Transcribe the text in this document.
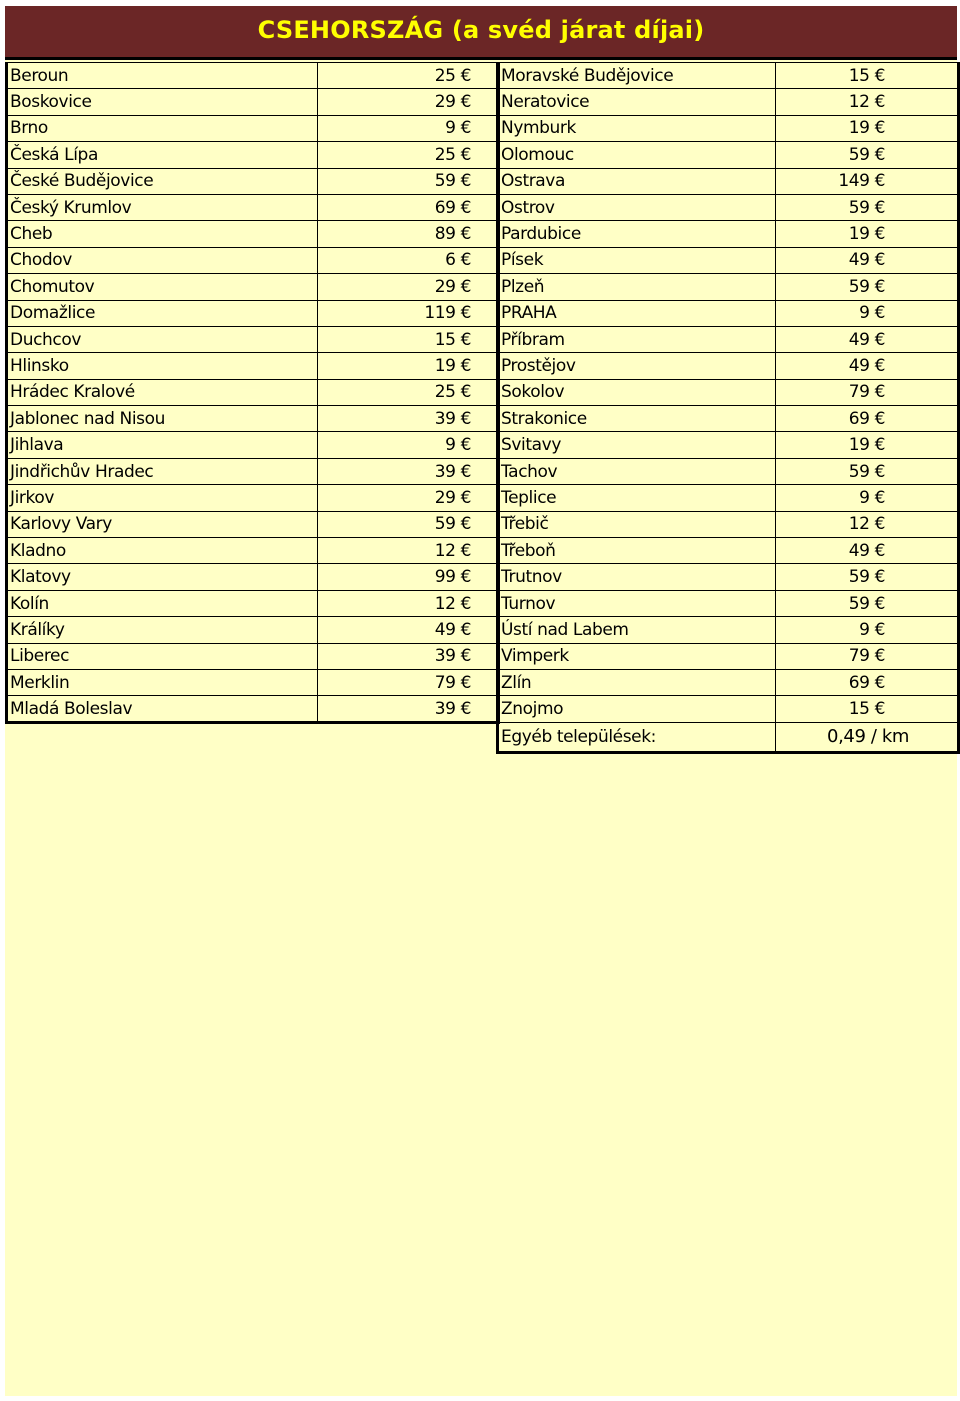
CSEHORSZÁG (a svéd járat díjai)
Beroun	25 €
Boskovice	29 €
Brno	9 €
Česká Lípa	25 €
České Budějovice	59 €
Český Krumlov	69 €
Cheb	89 €
Chodov	6 €
Chomutov	29 €
Domažlice	119 €
Duchcov	15 €
Hlinsko	19 €
Hrádec Kralové	25 €
Jablonec nad Nisou	39 €
Jihlava	9 €
Jindřichův Hradec	39 €
Jirkov	29 €
Karlovy Vary	59 €
Kladno	12 €
Klatovy	99 €
Kolín	12 €
Králíky	49 €
Liberec	39 €
Merklin	79 €
Mladá Boleslav	39 €
Moravské Budějovice	15 €
Neratovice	12 €
Nymburk	19 €
Olomouc	59 €
Ostrava	149 €
Ostrov	59 €
Pardubice	19 €
Písek	49 €
Plzeň	59 €
PRAHA	9 €
Příbram	49 €
Prostějov	49 €
Sokolov	79 €
Strakonice	69 €
Svitavy	19 €
Tachov	59 €
Teplice	9 €
Třebič	12 €
Třeboň	49 €
Trutnov	59 €
Turnov	59 €
Ústí nad Labem	9 €
Vimperk	79 €
Zlín	69 €
Znojmo	15 €
Egyéb települések:	0,49 / km
